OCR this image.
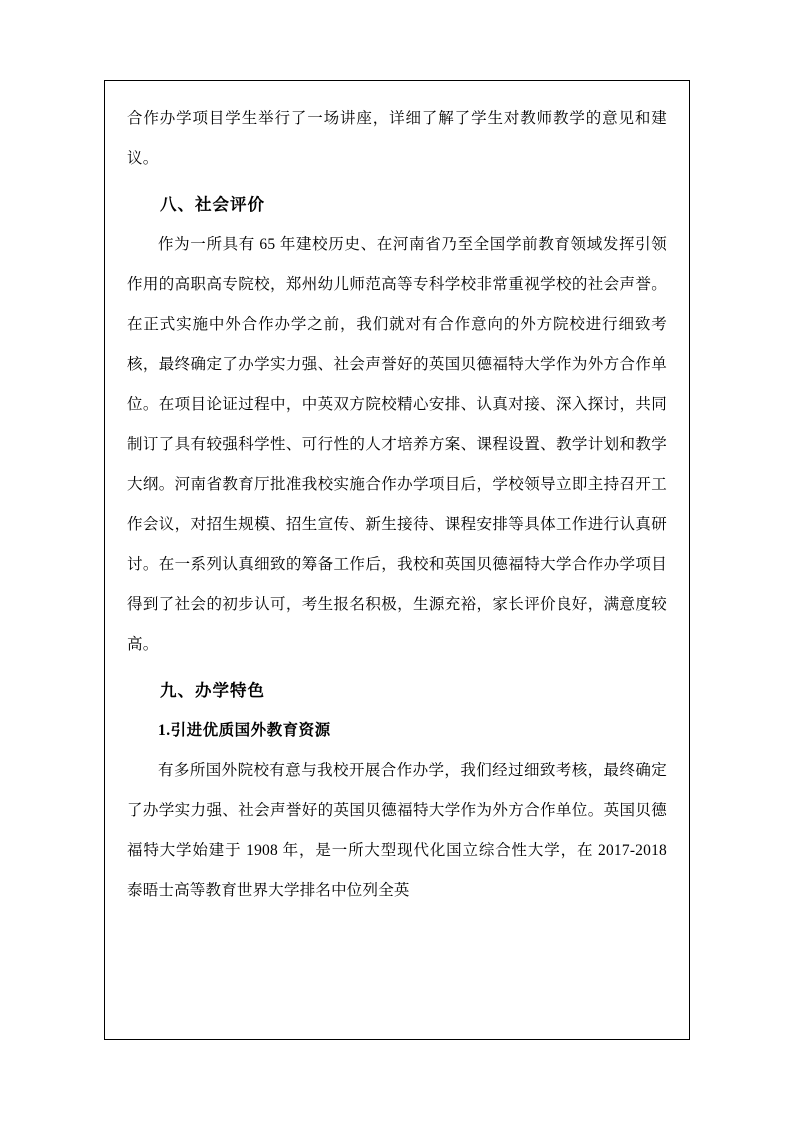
合作办学项目学生举行了一场讲座，详细了解了学生对教师教学的意见和建议。

八、社会评价

作为一所具有 65 年建校历史、在河南省乃至全国学前教育领域发挥引领作用的高职高专院校，郑州幼儿师范高等专科学校非常重视学校的社会声誉。在正式实施中外合作办学之前，我们就对有合作意向的外方院校进行细致考核，最终确定了办学实力强、社会声誉好的英国贝德福特大学作为外方合作单位。在项目论证过程中，中英双方院校精心安排、认真对接、深入探讨，共同制订了具有较强科学性、可行性的人才培养方案、课程设置、教学计划和教学大纲。河南省教育厅批准我校实施合作办学项目后，学校领导立即主持召开工作会议，对招生规模、招生宣传、新生接待、课程安排等具体工作进行认真研讨。在一系列认真细致的筹备工作后，我校和英国贝德福特大学合作办学项目得到了社会的初步认可，考生报名积极，生源充裕，家长评价良好，满意度较高。

九、办学特色
1.引进优质国外教育资源

有多所国外院校有意与我校开展合作办学，我们经过细致考核，最终确定了办学实力强、社会声誉好的英国贝德福特大学作为外方合作单位。英国贝德福特大学始建于 1908 年，是一所大型现代化国立综合性大学，在 2017-2018 泰晤士高等教育世界大学排名中位列全英
